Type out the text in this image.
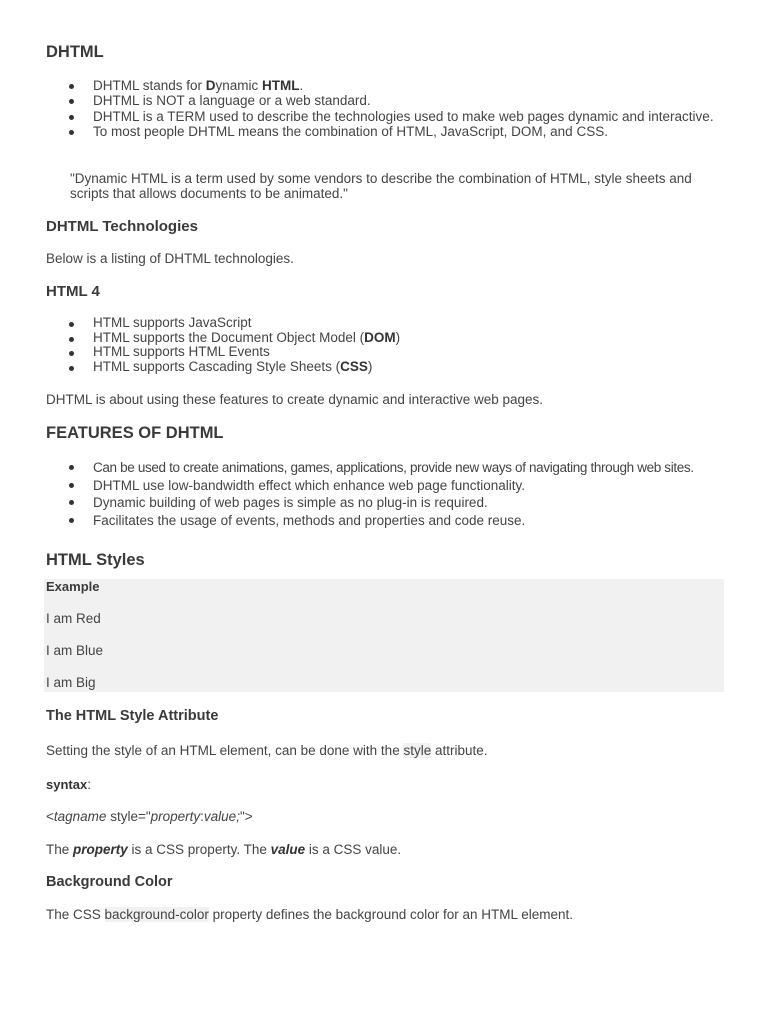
DHTML
DHTML stands for Dynamic HTML.
DHTML is NOT a language or a web standard.
DHTML is a TERM used to describe the technologies used to make web pages dynamic and interactive.
To most people DHTML means the combination of HTML, JavaScript, DOM, and CSS.
"Dynamic HTML is a term used by some vendors to describe the combination of HTML, style sheets and scripts that allows documents to be animated."
DHTML Technologies
Below is a listing of DHTML technologies.
HTML 4
HTML supports JavaScript
HTML supports the Document Object Model (DOM)
HTML supports HTML Events
HTML supports Cascading Style Sheets (CSS)
DHTML is about using these features to create dynamic and interactive web pages.
FEATURES OF DHTML
Can be used to create animations, games, applications, provide new ways of navigating through web sites.
DHTML use low-bandwidth effect which enhance web page functionality.
Dynamic building of web pages is simple as no plug-in is required.
Facilitates the usage of events, methods and properties and code reuse.
HTML Styles
Example
I am Red
I am Blue
I am Big
The HTML Style Attribute
Setting the style of an HTML element, can be done with the style attribute.
syntax:
<tagname style="property:value;">
The property is a CSS property. The value is a CSS value.
Background Color
The CSS background-color property defines the background color for an HTML element.
